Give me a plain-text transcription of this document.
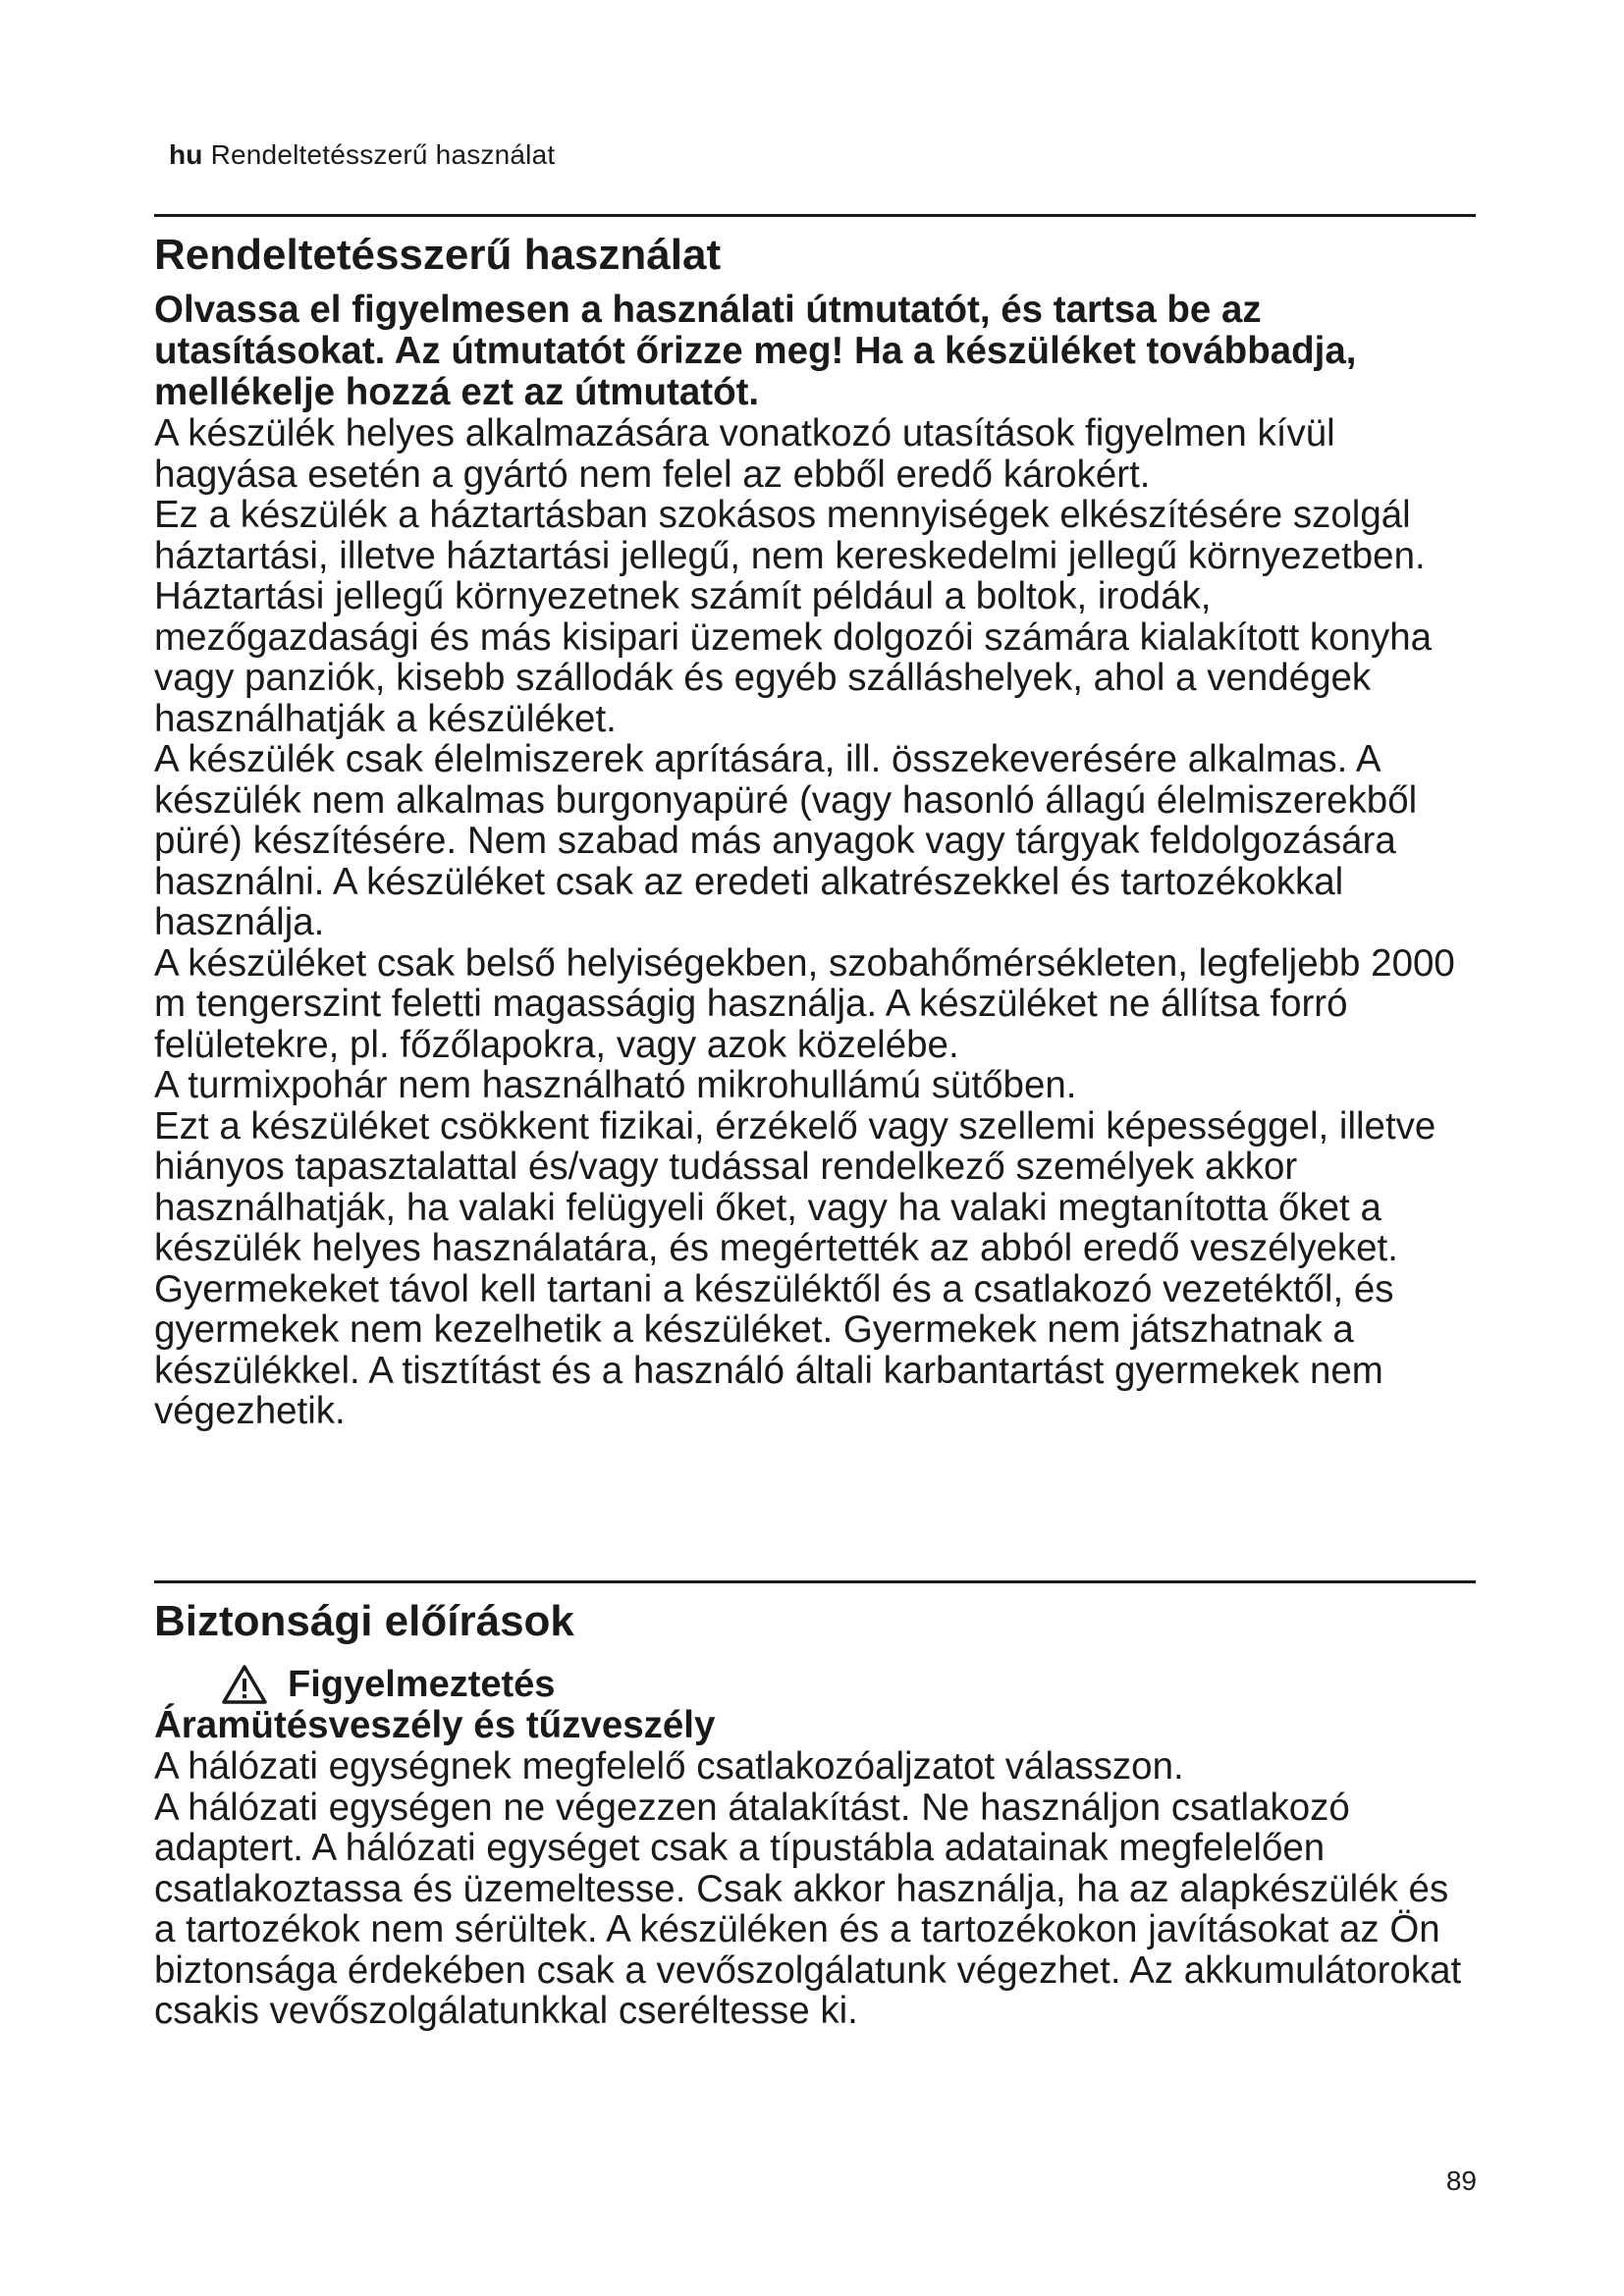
hu Rendeltetésszerű használat
Rendeltetésszerű használat

Olvassa el figyelmesen a használati útmutatót, és tartsa be az utasításokat. Az útmutatót őrizze meg! Ha a készüléket továbbadja, mellékelje hozzá ezt az útmutatót.

A készülék helyes alkalmazására vonatkozó utasítások figyelmen kívül hagyása esetén a gyártó nem felel az ebből eredő károkért.

Ez a készülék a háztartásban szokásos mennyiségek elkészítésére szolgál háztartási, illetve háztartási jellegű, nem kereskedelmi jellegű környezetben. Háztartási jellegű környezetnek számít például a boltok, irodák, mezőgazdasági és más kisipari üzemek dolgozói számára kialakított konyha vagy panziók, kisebb szállodák és egyéb szálláshelyek, ahol a vendégek használhatják a készüléket.

A készülék csak élelmiszerek aprítására, ill. összekeverésére alkalmas. A készülék nem alkalmas burgonyapüré (vagy hasonló állagú élelmiszerekből püré) készítésére. Nem szabad más anyagok vagy tárgyak feldolgozására használni. A készüléket csak az eredeti alkatrészekkel és tartozékokkal használja.

A készüléket csak belső helyiségekben, szobahőmérsékleten, legfeljebb 2000 m tengerszint feletti magasságig használja. A készüléket ne állítsa forró felületekre, pl. főzőlapokra, vagy azok közelébe.

A turmixpohár nem használható mikrohullámú sütőben.

Ezt a készüléket csökkent fizikai, érzékelő vagy szellemi képességgel, illetve hiányos tapasztalattal és/vagy tudással rendelkező személyek akkor használhatják, ha valaki felügyeli őket, vagy ha valaki megtanította őket a készülék helyes használatára, és megértették az abból eredő veszélyeket. Gyermekeket távol kell tartani a készüléktől és a csatlakozó vezetéktől, és gyermekek nem kezelhetik a készüléket. Gyermekek nem játszhatnak a készülékkel. A tisztítást és a használó általi karbantartást gyermekek nem végezhetik.

Biztonsági előírások
Figyelmeztetés

Áramütésveszély és tűzveszély

A hálózati egységnek megfelelő csatlakozóaljzatot válasszon.

A hálózati egységen ne végezzen átalakítást. Ne használjon csatlakozó adaptert. A hálózati egységet csak a típustábla adatainak megfelelően csatlakoztassa és üzemeltesse. Csak akkor használja, ha az alapkészülék és a tartozékok nem sérültek. A készüléken és a tartozékokon javításokat az Ön biztonsága érdekében csak a vevőszolgálatunk végezhet. Az akkumulátorokat csakis vevőszolgálatunkkal cseréltesse ki.

89
